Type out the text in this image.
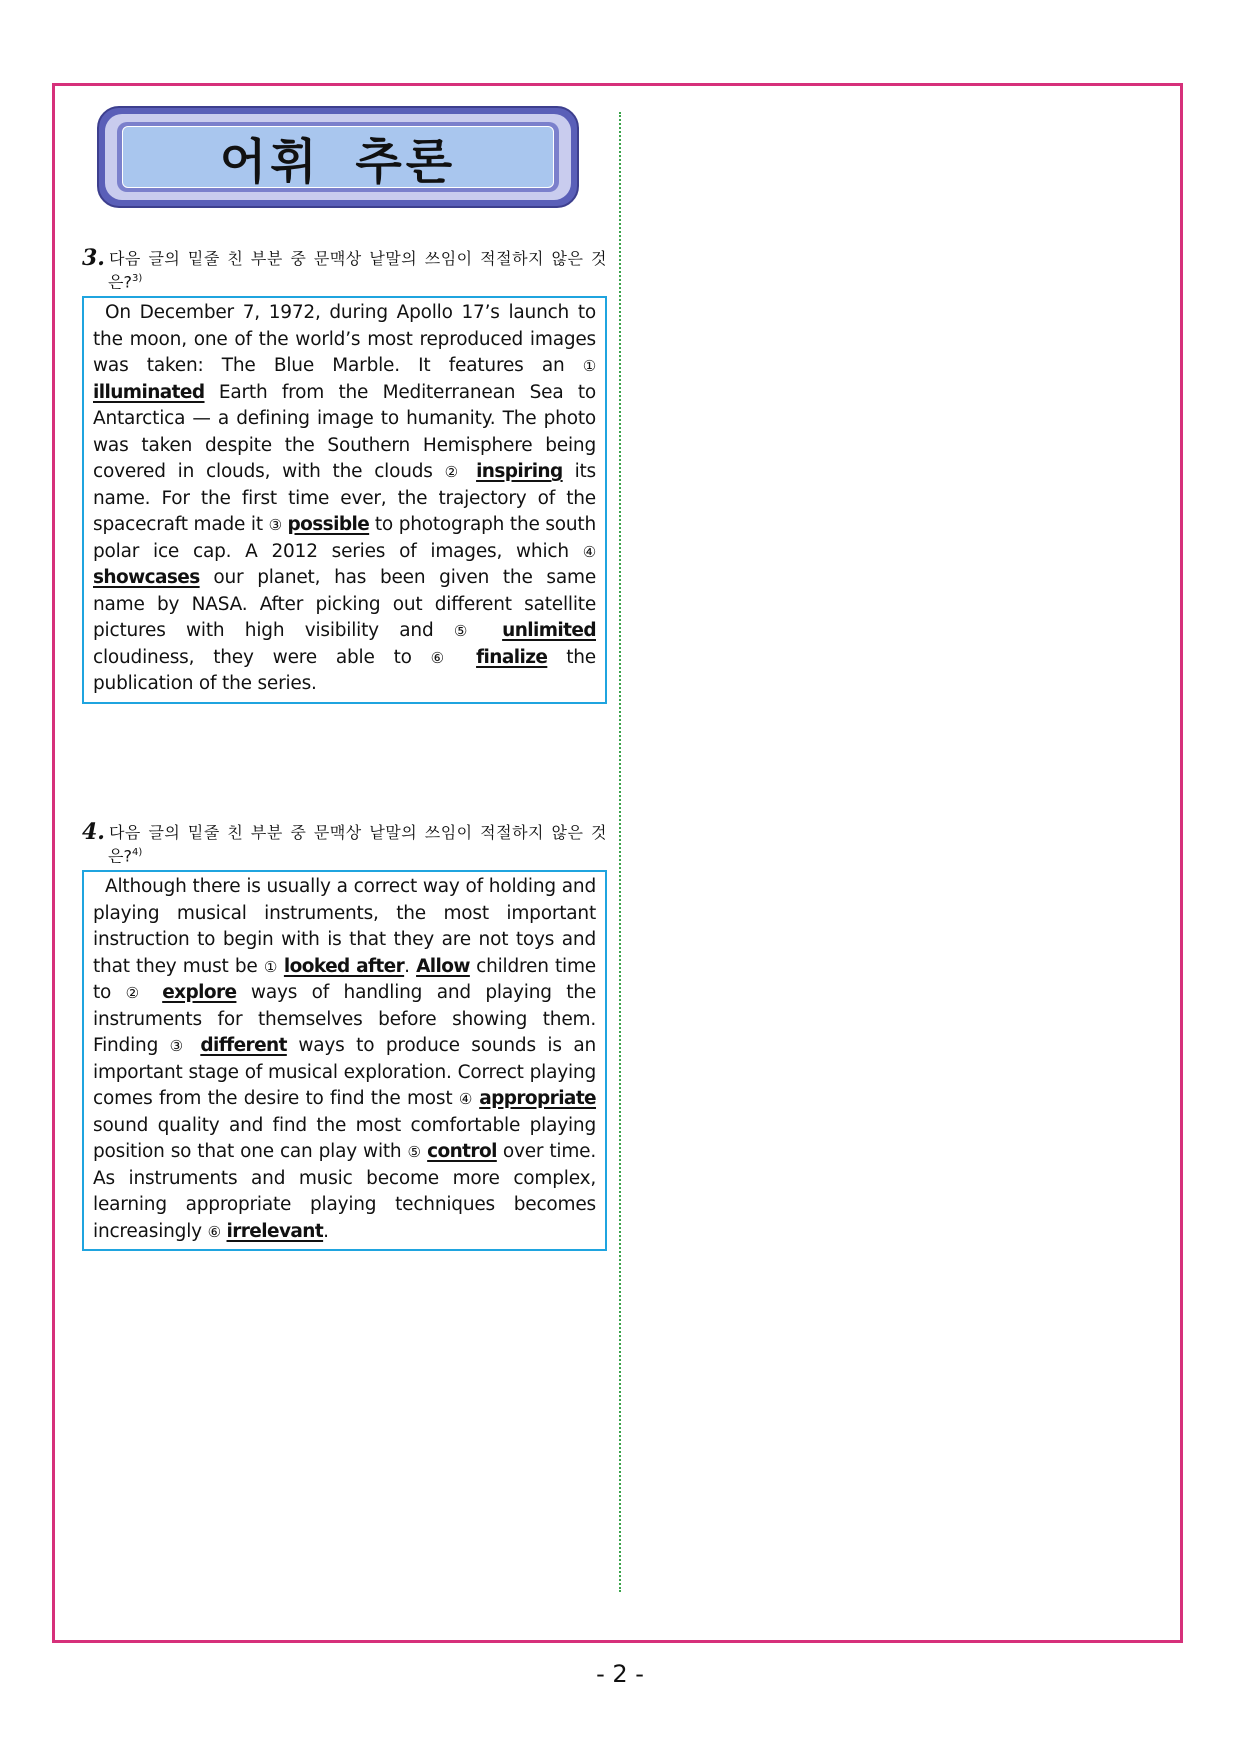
어휘 추론
3. 다음 글의 밑줄 친 부분 중 문맥상 낱말의 쓰임이 적절하지 않은 것
은?$^{3)}$
On December 7, 1972, during Apollo 17’s launch to the moon, one of the world’s most reproduced images was taken: The Blue Marble. It features an ① illuminated Earth from the Mediterranean Sea to Antarctica — a defining image to humanity. The photo was taken despite the Southern Hemisphere being covered in clouds, with the clouds ② inspiring its name. For the first time ever, the trajectory of the spacecraft made it ③ possible to photograph the south polar ice cap. A 2012 series of images, which ④ showcases our planet, has been given the same name by NASA. After picking out different satellite pictures with high visibility and ⑤ unlimited cloudiness, they were able to ⑥ finalize the publication of the series.
4. 다음 글의 밑줄 친 부분 중 문맥상 낱말의 쓰임이 적절하지 않은 것
은?$^{4)}$
Although there is usually a correct way of holding and playing musical instruments, the most important instruction to begin with is that they are not toys and that they must be ① looked after. Allow children time to ② explore ways of handling and playing the instruments for themselves before showing them. Finding ③ different ways to produce sounds is an important stage of musical exploration. Correct playing comes from the desire to find the most ④ appropriate sound quality and find the most comfortable playing position so that one can play with ⑤ control over time. As instruments and music become more complex, learning appropriate playing techniques becomes increasingly ⑥ irrelevant.
- 2 -
